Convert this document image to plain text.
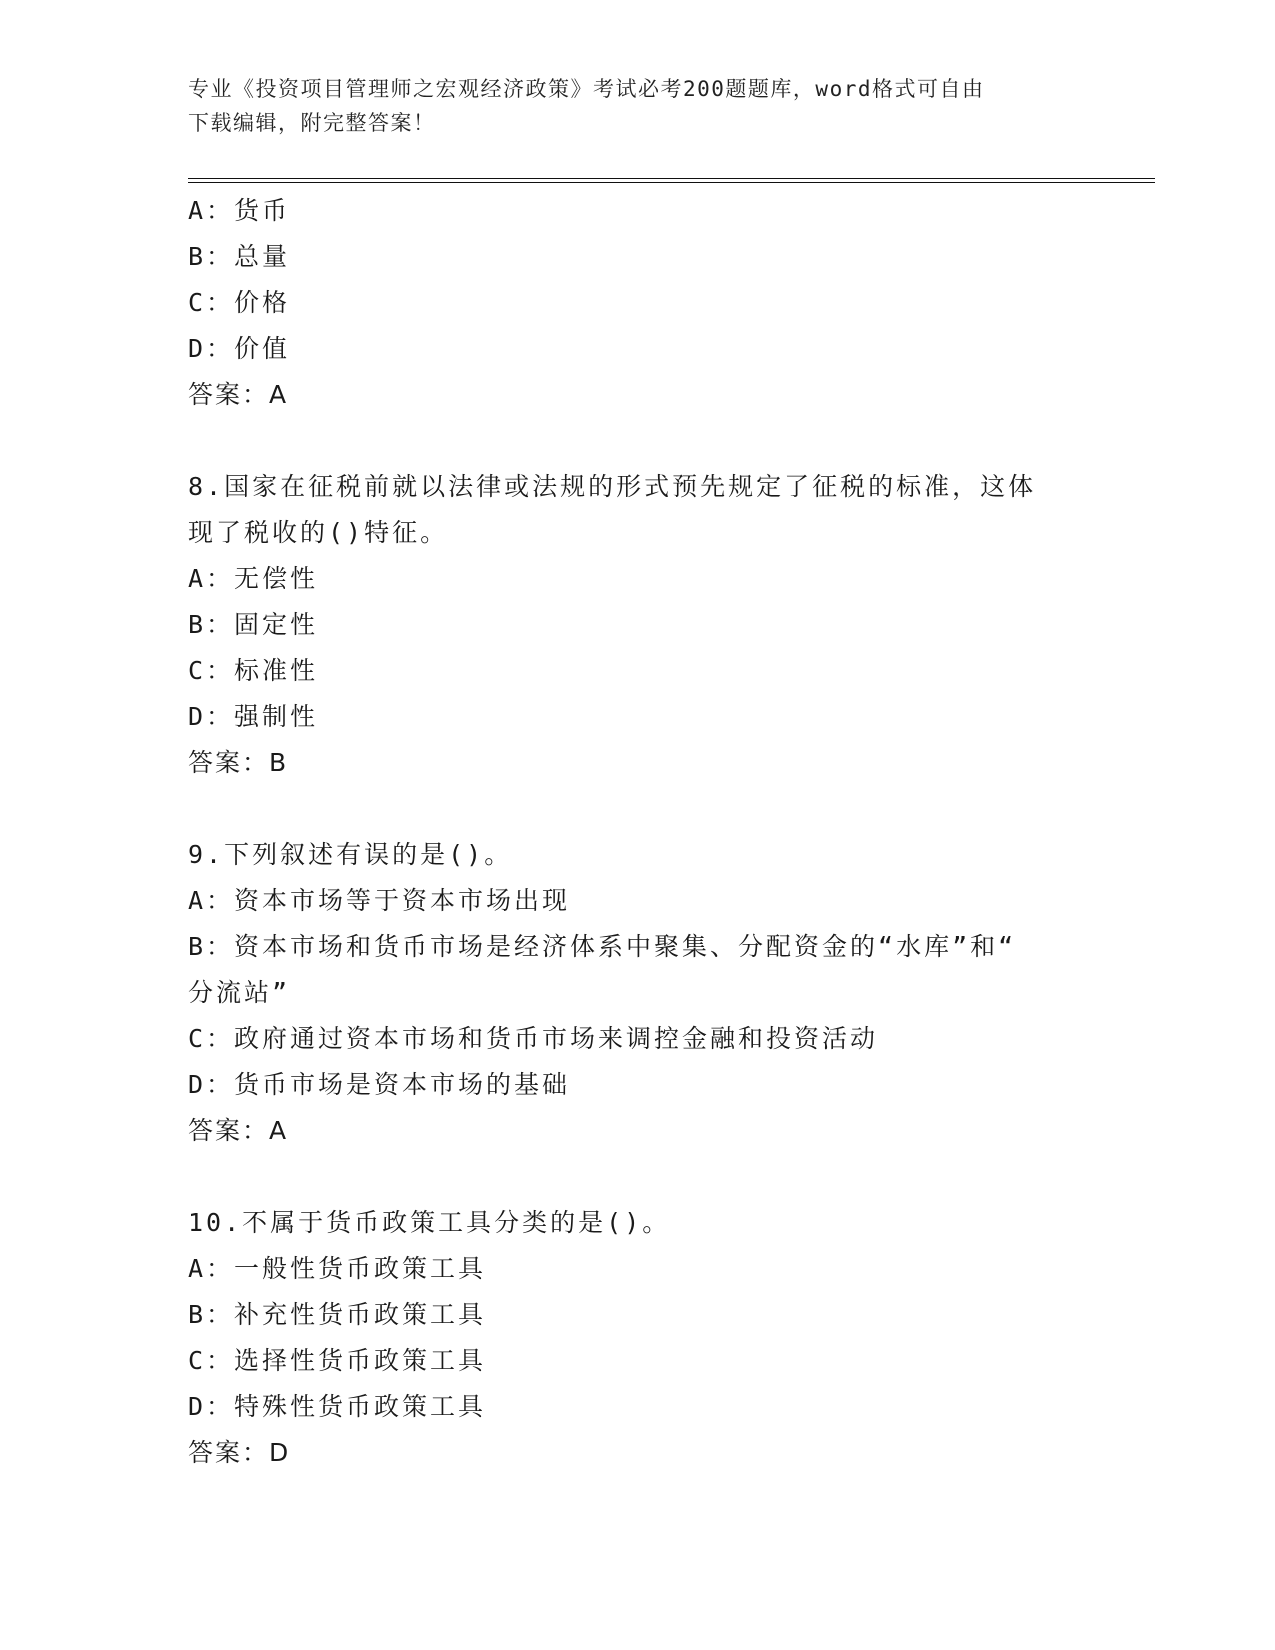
专业《投资项目管理师之宏观经济政策》考试必考200题题库，word格式可自由
下载编辑，附完整答案！
A：货币
B：总量
C：价格
D：价值
答案：A
8.国家在征税前就以法律或法规的形式预先规定了征税的标准，这体
现了税收的()特征。
A：无偿性
B：固定性
C：标准性
D：强制性
答案：B
9.下列叙述有误的是()。
A：资本市场等于资本市场出现
B：资本市场和货币市场是经济体系中聚集、分配资金的“水库”和“
分流站”
C：政府通过资本市场和货币市场来调控金融和投资活动
D：货币市场是资本市场的基础
答案：A
10.不属于货币政策工具分类的是()。
A：一般性货币政策工具
B：补充性货币政策工具
C：选择性货币政策工具
D：特殊性货币政策工具
答案：D
